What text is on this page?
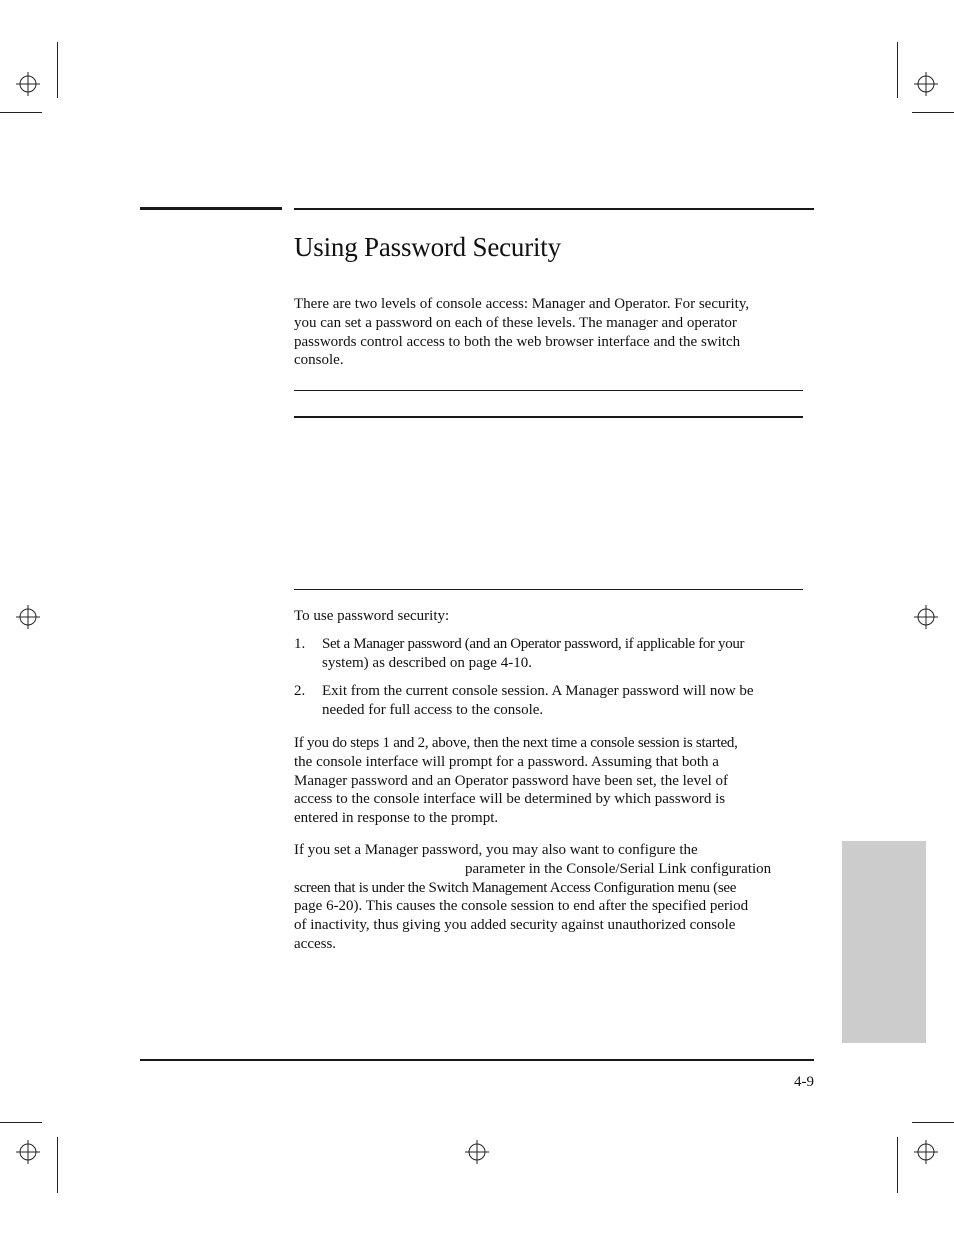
Using Password Security
There are two levels of console access: Manager and Operator. For security,
you can set a password on each of these levels. The manager and operator
passwords control access to both the web browser interface and the switch
console.
To use password security:
1. Set a Manager password (and an Operator password, if applicable for your
system) as described on page 4-10.
2. Exit from the current console session. A Manager password will now be
needed for full access to the console.
If you do steps 1 and 2, above, then the next time a console session is started,
the console interface will prompt for a password. Assuming that both a
Manager password and an Operator password have been set, the level of
access to the console interface will be determined by which password is
entered in response to the prompt.
If you set a Manager password, you may also want to configure the
parameter in the Console/Serial Link configuration
screen that is under the Switch Management Access Configuration menu (see
page 6-20). This causes the console session to end after the specified period
of inactivity, thus giving you added security against unauthorized console
access.
4-9
